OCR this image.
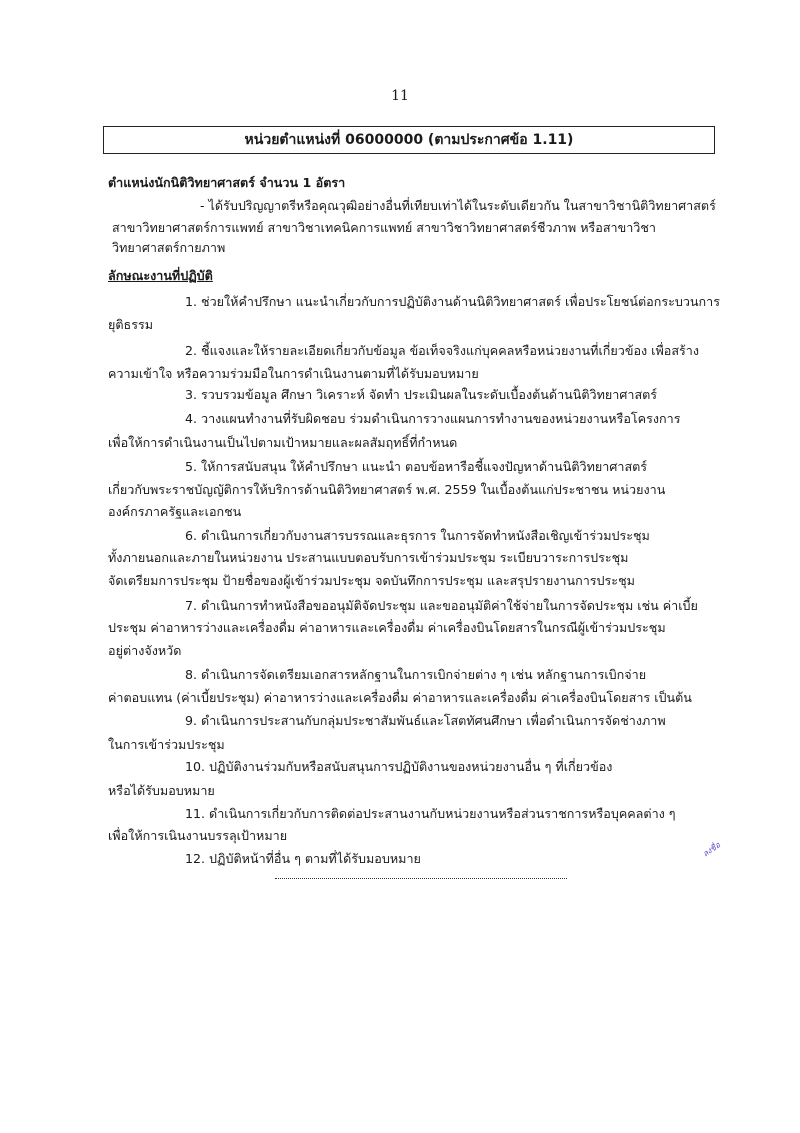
11
หน่วยตำแหน่งที่ 06000000 (ตามประกาศข้อ 1.11)
ตำแหน่งนักนิติวิทยาศาสตร์ จำนวน 1 อัตรา
- ได้รับปริญญาตรีหรือคุณวุฒิอย่างอื่นที่เทียบเท่าได้ในระดับเดียวกัน ในสาขาวิชานิติวิทยาศาสตร์
สาขาวิทยาศาสตร์การแพทย์ สาขาวิชาเทคนิคการแพทย์ สาขาวิชาวิทยาศาสตร์ชีวภาพ หรือสาขาวิชา
วิทยาศาสตร์กายภาพ
ลักษณะงานที่ปฏิบัติ
1. ช่วยให้คำปรึกษา แนะนำเกี่ยวกับการปฏิบัติงานด้านนิติวิทยาศาสตร์ เพื่อประโยชน์ต่อกระบวนการ
ยุติธรรม
2. ชี้แจงและให้รายละเอียดเกี่ยวกับข้อมูล ข้อเท็จจริงแก่บุคคลหรือหน่วยงานที่เกี่ยวข้อง เพื่อสร้าง
ความเข้าใจ หรือความร่วมมือในการดำเนินงานตามที่ได้รับมอบหมาย
3. รวบรวมข้อมูล ศึกษา วิเคราะห์ จัดทำ ประเมินผลในระดับเบื้องต้นด้านนิติวิทยาศาสตร์
4. วางแผนทำงานที่รับผิดชอบ ร่วมดำเนินการวางแผนการทำงานของหน่วยงานหรือโครงการ
เพื่อให้การดำเนินงานเป็นไปตามเป้าหมายและผลสัมฤทธิ์ที่กำหนด
5. ให้การสนับสนุน ให้คำปรึกษา แนะนำ ตอบข้อหารือชี้แจงปัญหาด้านนิติวิทยาศาสตร์
เกี่ยวกับพระราชบัญญัติการให้บริการด้านนิติวิทยาศาสตร์ พ.ศ. 2559 ในเบื้องต้นแก่ประชาชน หน่วยงาน
องค์กรภาครัฐและเอกชน
6. ดำเนินการเกี่ยวกับงานสารบรรณและธุรการ ในการจัดทำหนังสือเชิญเข้าร่วมประชุม
ทั้งภายนอกและภายในหน่วยงาน ประสานแบบตอบรับการเข้าร่วมประชุม ระเบียบวาระการประชุม
จัดเตรียมการประชุม ป้ายชื่อของผู้เข้าร่วมประชุม จดบันทึกการประชุม และสรุปรายงานการประชุม
7. ดำเนินการทำหนังสือขออนุมัติจัดประชุม และขออนุมัติค่าใช้จ่ายในการจัดประชุม เช่น ค่าเบี้ย
ประชุม ค่าอาหารว่างและเครื่องดื่ม ค่าอาหารและเครื่องดื่ม ค่าเครื่องบินโดยสารในกรณีผู้เข้าร่วมประชุม
อยู่ต่างจังหวัด
8. ดำเนินการจัดเตรียมเอกสารหลักฐานในการเบิกจ่ายต่าง ๆ เช่น หลักฐานการเบิกจ่าย
ค่าตอบแทน (ค่าเบี้ยประชุม) ค่าอาหารว่างและเครื่องดื่ม ค่าอาหารและเครื่องดื่ม ค่าเครื่องบินโดยสาร เป็นต้น
9. ดำเนินการประสานกับกลุ่มประชาสัมพันธ์และโสตทัศนศึกษา เพื่อดำเนินการจัดช่างภาพ
ในการเข้าร่วมประชุม
10. ปฏิบัติงานร่วมกับหรือสนับสนุนการปฏิบัติงานของหน่วยงานอื่น ๆ ที่เกี่ยวข้อง
หรือได้รับมอบหมาย
11. ดำเนินการเกี่ยวกับการติดต่อประสานงานกับหน่วยงานหรือส่วนราชการหรือบุคคลต่าง ๆ
เพื่อให้การเนินงานบรรลุเป้าหมาย
12. ปฏิบัติหน้าที่อื่น ๆ ตามที่ได้รับมอบหมาย	ลงชื่อ
